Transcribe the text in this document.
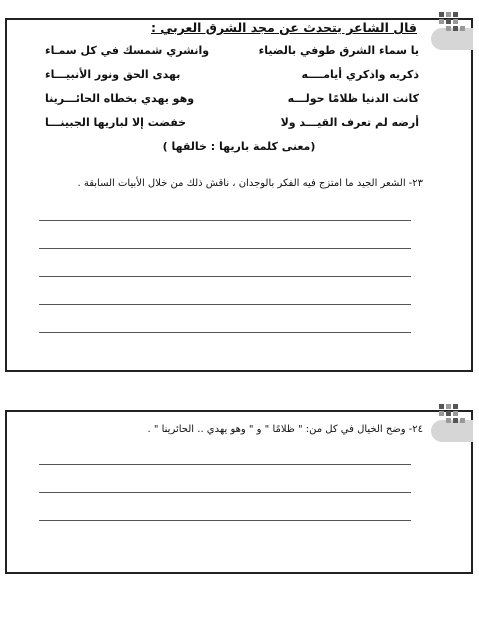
قال الشاعر يتحدث عن مجد الشرق العربي :
يا سماء الشرق طوفي بالضياء
وانشري شمسك في كل سمـاء
ذكريه واذكري أيامــــه
بهدى الحق ونور الأنبيـــاء
كانت الدنيا ظلامًا حولـــه
وهو يهدي بخطاه الحائـــرينا
أرضه لم تعرف القيـــد ولا
خفضت إلا لباريها الجبينـــا
(معنى كلمة باريها : خالقها )
٢٣-الشعر الجيد ما امتزج فيه الفكر بالوجدان ، ناقش ذلك من خلال الأبيات السابقة .
٢٤-وضح الخيال في كل من: " ظلامًا " و " وهو يهدي .. الحائرينا " .
